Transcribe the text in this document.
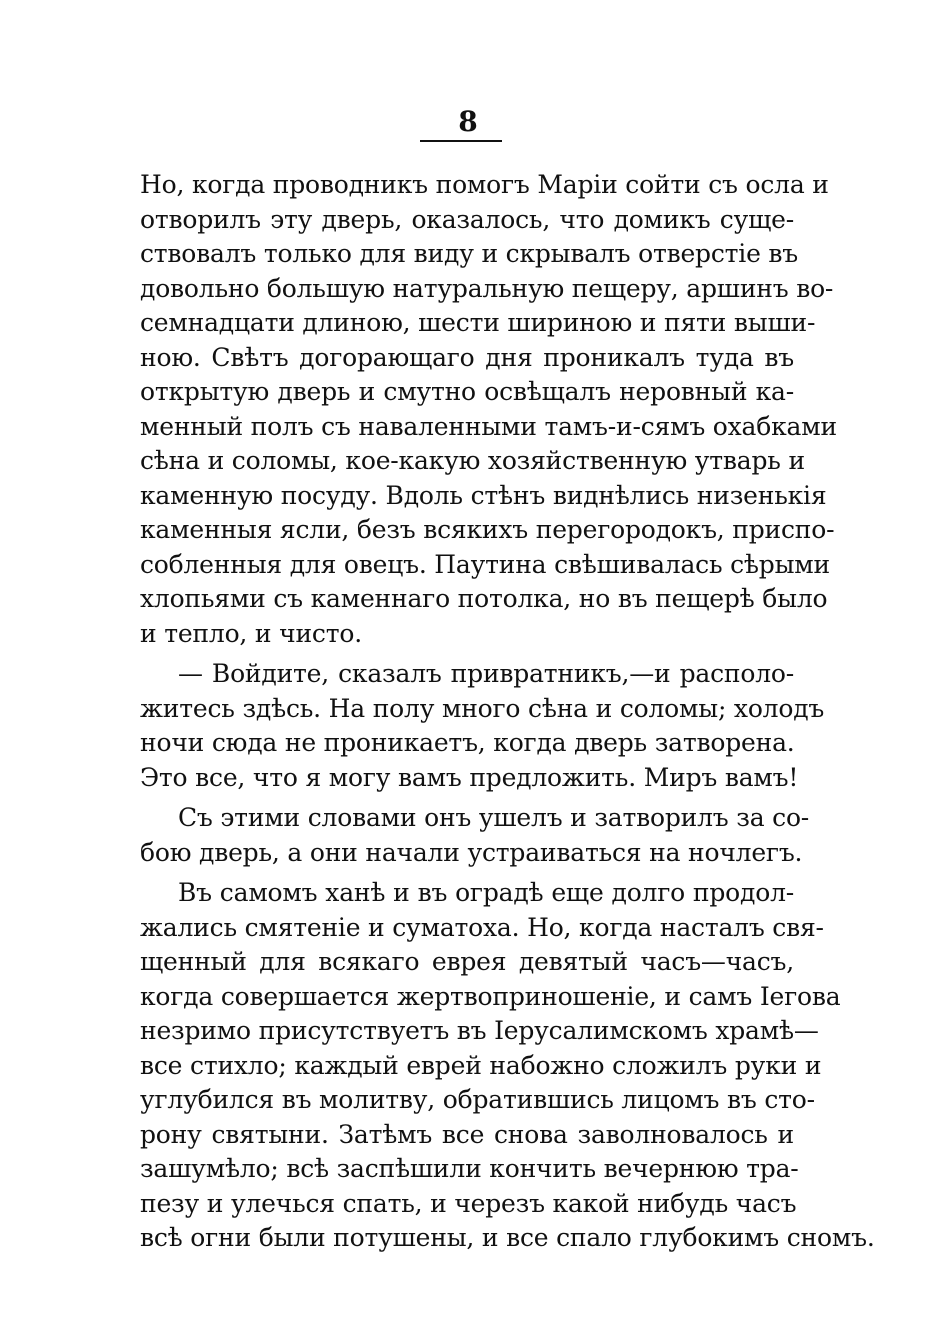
8
Но, когда проводникъ помогъ Маріи сойти съ осла и
отворилъ эту дверь, оказалось, что домикъ суще-
ствовалъ только для виду и скрывалъ отверстіе въ
довольно большую натуральную пещеру, аршинъ во-
семнадцати длиною, шести шириною и пяти выши-
ною. Свѣтъ догорающаго дня проникалъ туда въ
открытую дверь и смутно освѣщалъ неровный ка-
менный полъ съ наваленными тамъ-и-сямъ охабками
сѣна и соломы, кое-какую хозяйственную утварь и
каменную посуду. Вдоль стѣнъ виднѣлись низенькія
каменныя ясли, безъ всякихъ перегородокъ, приспо-
собленныя для овецъ. Паутина свѣшивалась сѣрыми
хлопьями съ каменнаго потолка, но въ пещерѣ было
и тепло, и чисто.
— Войдите, сказалъ привратникъ,—и располо-
житесь здѣсь. На полу много сѣна и соломы; холодъ
ночи сюда не проникаетъ, когда дверь затворена.
Это все, что я могу вамъ предложить. Миръ вамъ!
Съ этими словами онъ ушелъ и затворилъ за со-
бою дверь, а они начали устраиваться на ночлегъ.
Въ самомъ ханѣ и въ оградѣ еще долго продол-
жались смятеніе и суматоха. Но, когда насталъ свя-
щенный для всякаго еврея девятый часъ—часъ,
когда совершается жертвоприношеніе, и самъ Іегова
незримо присутствуетъ въ Іерусалимскомъ храмѣ—
все стихло; каждый еврей набожно сложилъ руки и
углубился въ молитву, обратившись лицомъ въ сто-
рону святыни. Затѣмъ все снова заволновалось и
зашумѣло; всѣ заспѣшили кончить вечернюю тра-
пезу и улечься спать, и черезъ какой нибудь часъ
всѣ огни были потушены, и все спало глубокимъ сномъ.
